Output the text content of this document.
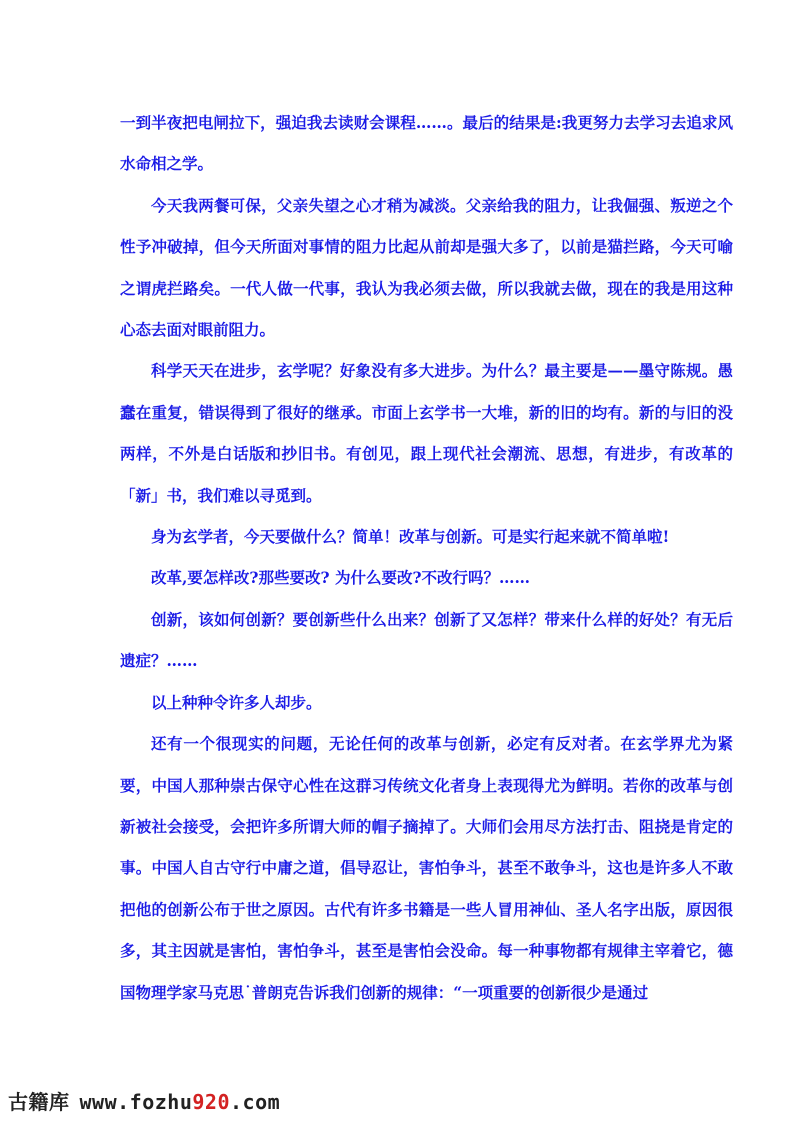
一到半夜把电闸拉下，强迫我去读财会课程……。最后的结果是:我更努力去学习去追求风水命相之学。

今天我两餐可保，父亲失望之心才稍为减淡。父亲给我的阻力，让我倔强、叛逆之个性予冲破掉，但今天所面对事情的阻力比起从前却是强大多了，以前是猫拦路，今天可喻之谓虎拦路矣。一代人做一代事，我认为我必须去做，所以我就去做，现在的我是用这种心态去面对眼前阻力。

科学天天在进步，玄学呢？好象没有多大进步。为什么？最主要是——墨守陈规。愚蠢在重复，错误得到了很好的继承。市面上玄学书一大堆，新的旧的均有。新的与旧的没两样，不外是白话版和抄旧书。有创见，跟上现代社会潮流、思想，有进步，有改革的「新」书，我们难以寻觅到。

身为玄学者，今天要做什么？简单！改革与创新。可是实行起来就不简单啦!

改革,要怎样改?那些要改? 为什么要改?不改行吗？……

创新，该如何创新？要创新些什么出来？创新了又怎样？带来什么样的好处？有无后遗症？……

以上种种令许多人却步。

还有一个很现实的问题，无论任何的改革与创新，必定有反对者。在玄学界尤为紧要，中国人那种崇古保守心性在这群习传统文化者身上表现得尤为鲜明。若你的改革与创新被社会接受，会把许多所谓大师的帽子摘掉了。大师们会用尽方法打击、阻挠是肯定的事。中国人自古守行中庸之道，倡导忍让，害怕争斗，甚至不敢争斗，这也是许多人不敢把他的创新公布于世之原因。古代有许多书籍是一些人冒用神仙、圣人名字出版，原因很多，其主因就是害怕，害怕争斗，甚至是害怕会没命。每一种事物都有规律主宰着它，德国物理学家马克思˙普朗克告诉我们创新的规律：“一项重要的创新很少是通过

古籍库 www.fozhu920.com
